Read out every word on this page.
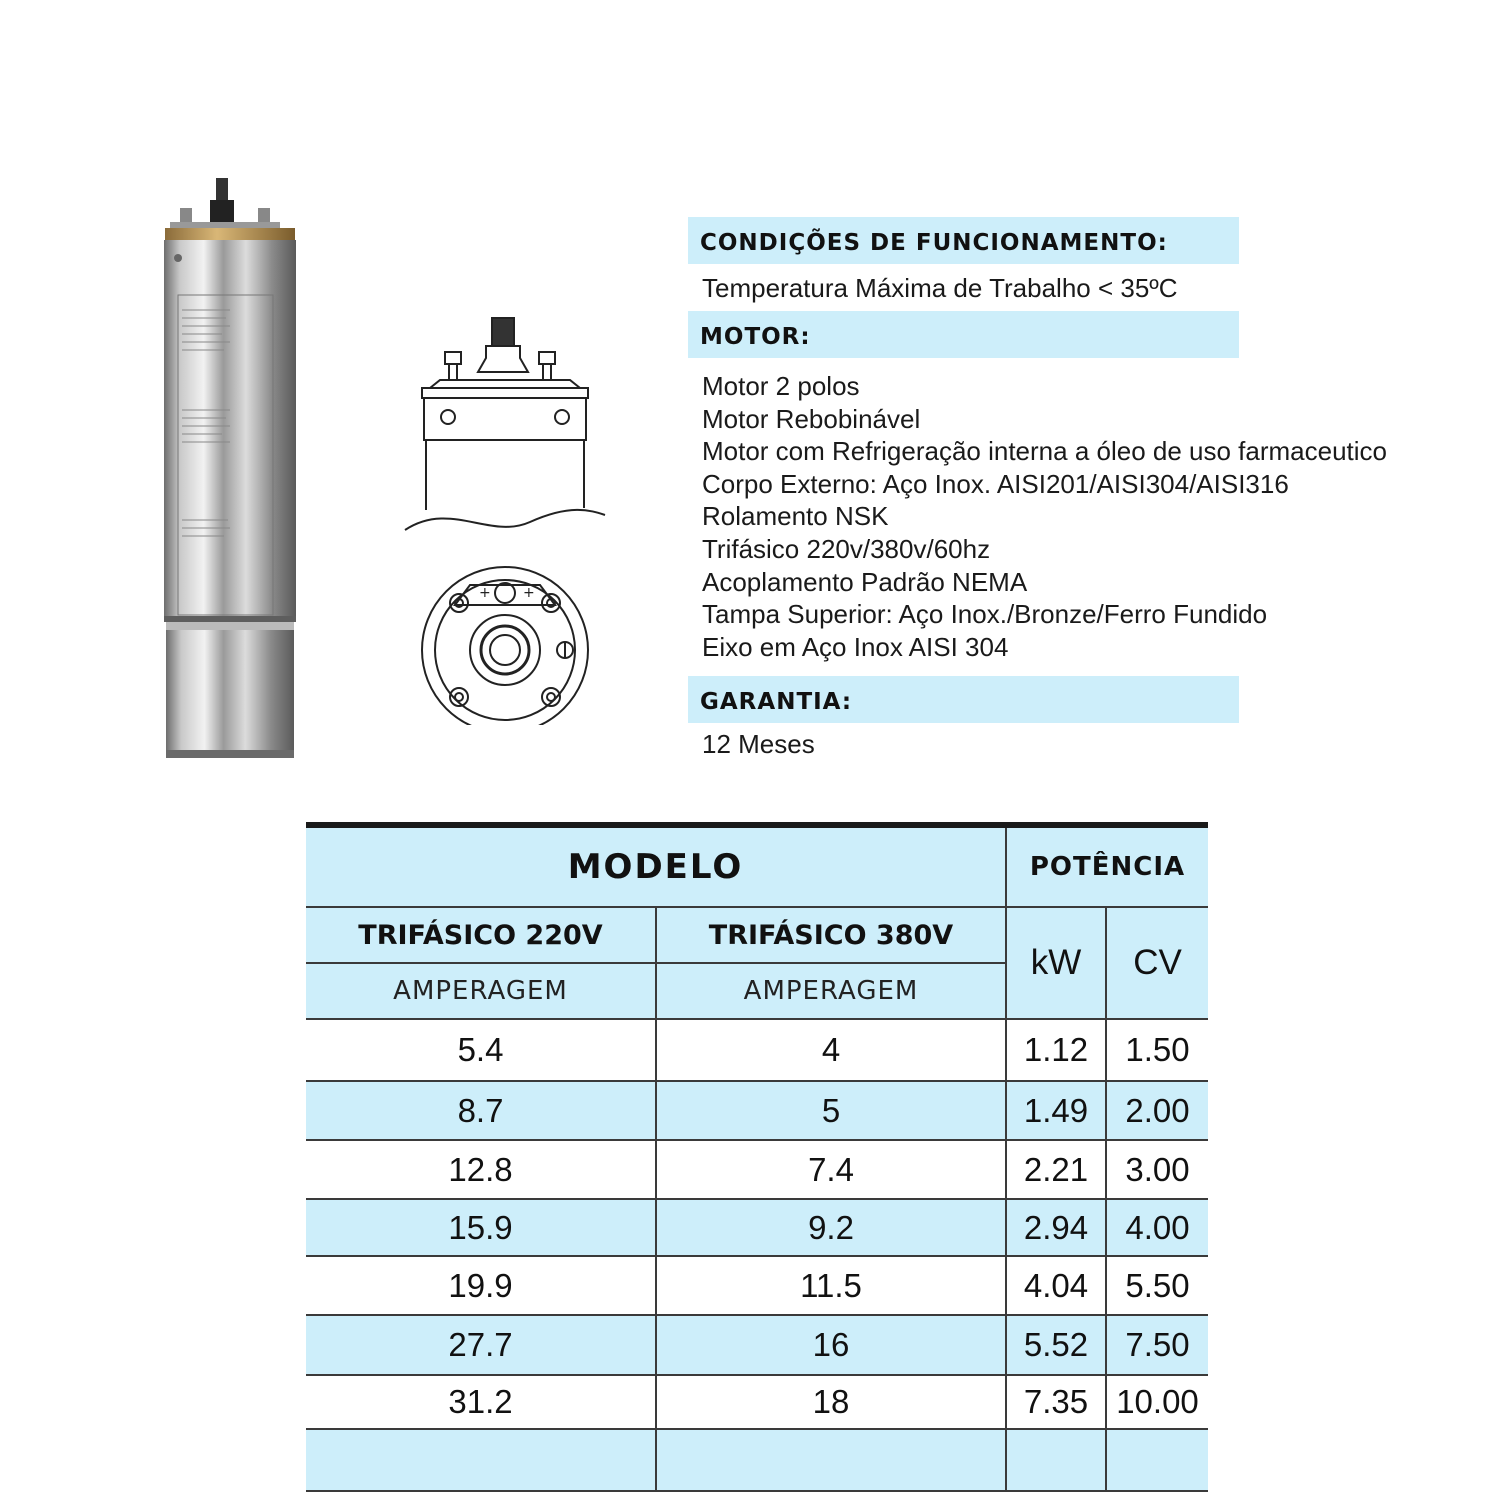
+ +
CONDIÇÕES DE FUNCIONAMENTO:
Temperatura Máxima de Trabalho < 35ºC
MOTOR:
Motor 2 polos
Motor Rebobinável
Motor com Refrigeração interna a óleo de uso farmaceutico
Corpo Externo: Aço Inox. AISI201/AISI304/AISI316
Rolamento NSK
Trifásico 220v/380v/60hz
Acoplamento Padrão NEMA
Tampa Superior: Aço Inox./Bronze/Ferro Fundido
Eixo em Aço Inox AISI 304
GARANTIA:
12 Meses
MODELO		POTÊNCIA	
TRIFÁSICO 220V	TRIFÁSICO 380V	kW	CV
AMPERAGEM	AMPERAGEM		
5.4	4	1.12	1.50
8.7	5	1.49	2.00
12.8	7.4	2.21	3.00
15.9	9.2	2.94	4.00
19.9	11.5	4.04	5.50
27.7	16	5.52	7.50
31.2	18	7.35	10.00
